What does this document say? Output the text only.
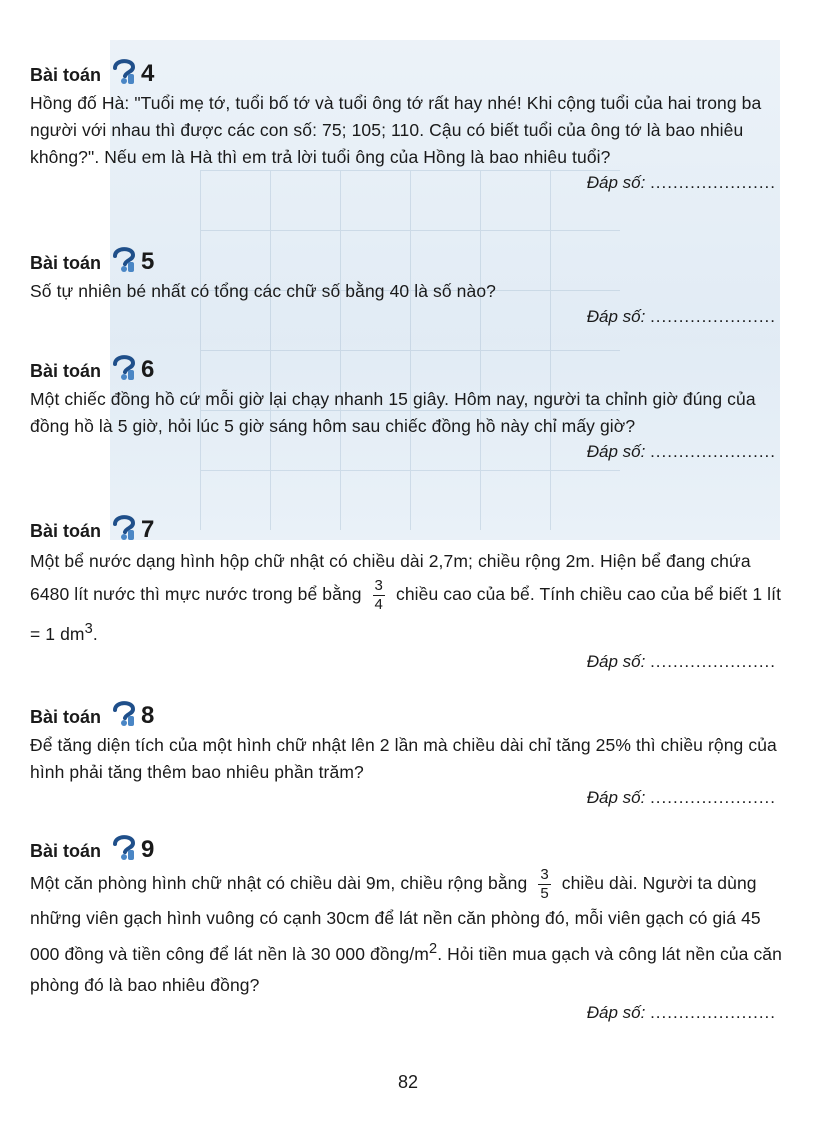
Bài toán 4
Hồng đố Hà: "Tuổi mẹ tớ, tuổi bố tớ và tuổi ông tớ rất hay nhé! Khi cộng tuổi của hai trong ba người với nhau thì được các con số: 75; 105; 110. Cậu có biết tuổi của ông tớ là bao nhiêu không?". Nếu em là Hà thì em trả lời tuổi ông của Hồng là bao nhiêu tuổi?
Đáp số: ......................
Bài toán 5
Số tự nhiên bé nhất có tổng các chữ số bằng 40 là số nào?
Đáp số: ......................
Bài toán 6
Một chiếc đồng hồ cứ mỗi giờ lại chạy nhanh 15 giây. Hôm nay, người ta chỉnh giờ đúng của đồng hồ là 5 giờ, hỏi lúc 5 giờ sáng hôm sau chiếc đồng hồ này chỉ mấy giờ?
Đáp số: ......................
Bài toán 7
Một bể nước dạng hình hộp chữ nhật có chiều dài 2,7m; chiều rộng 2m. Hiện bể đang chứa 6480 lít nước thì mực nước trong bể bằng $\frac{3}{4}$ chiều cao của bể. Tính chiều cao của bể biết 1 lít = 1 $dm^3$.
Đáp số: ......................
Bài toán 8
Để tăng diện tích của một hình chữ nhật lên 2 lần mà chiều dài chỉ tăng 25% thì chiều rộng của hình phải tăng thêm bao nhiêu phần trăm?
Đáp số: ......................
Bài toán 9
Một căn phòng hình chữ nhật có chiều dài 9m, chiều rộng bằng $\frac{3}{5}$ chiều dài. Người ta dùng những viên gạch hình vuông có cạnh 30cm để lát nền căn phòng đó, mỗi viên gạch có giá 45 000 đồng và tiền công để lát nền là 30 000 đồng/$m^2$. Hỏi tiền mua gạch và công lát nền của căn phòng đó là bao nhiêu đồng?
Đáp số: ......................
82
